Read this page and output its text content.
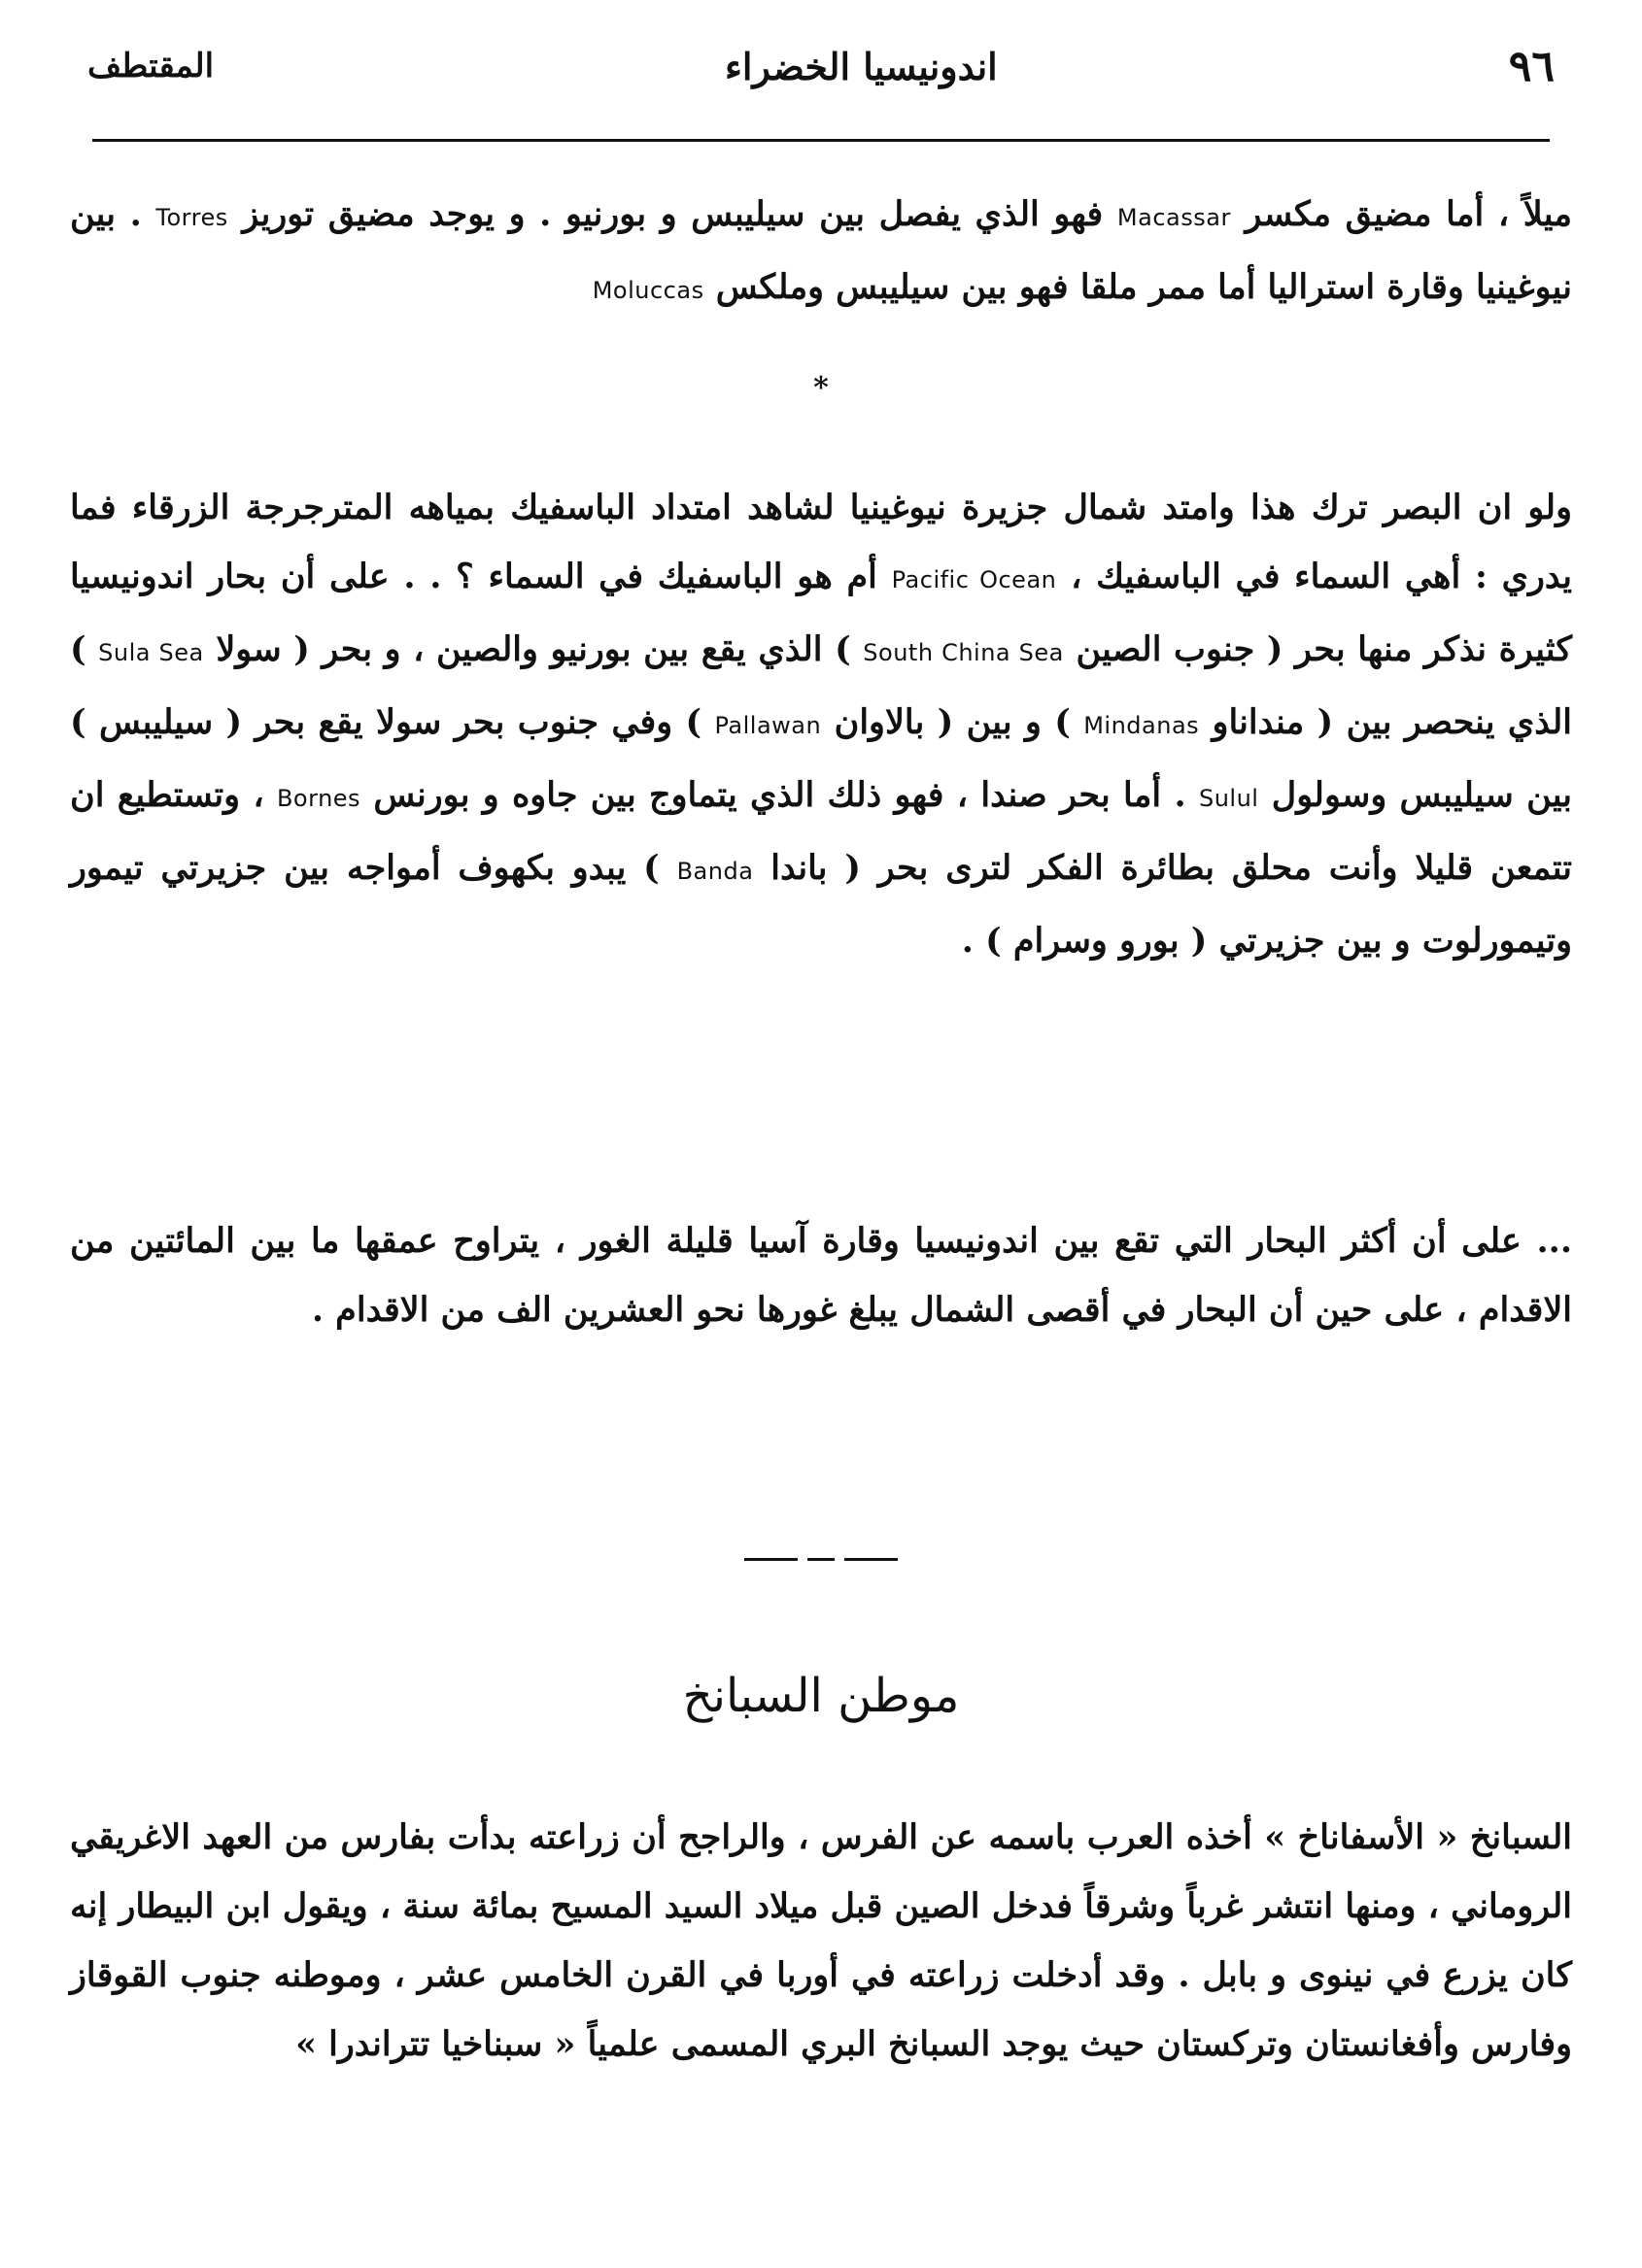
٩٦
اندونيسيا الخضراء
المقتطف

ميلاً ، أما مضيق مكسر Macassar فهو الذي يفصل بين سيليبس و بورنيو . و يوجد مضيق توريز Torres . بين نيوغينيا وقارة استراليا أما ممر ملقا فهو بين سيليبس وملكس Moluccas

*

ولو ان البصر ترك هذا وامتد شمال جزيرة نيوغينيا لشاهد امتداد الباسفيك بمياهه المترجرجة الزرقاء فما يدري : أهي السماء في الباسفيك ، Pacific Ocean أم هو الباسفيك في السماء ؟ . . على أن بحار اندونيسيا كثيرة نذكر منها بحر ( جنوب الصين South China Sea ) الذي يقع بين بورنيو والصين ، و بحر ( سولا Sula Sea ) الذي ينحصر بين ( منداناو Mindanas ) و بين ( بالاوان Pallawan ) وفي جنوب بحر سولا يقع بحر ( سيليبس ) بين سيليبس وسولول Sulul . أما بحر صندا ، فهو ذلك الذي يتماوج بين جاوه و بورنس Bornes ، وتستطيع ان تتمعن قليلا وأنت محلق بطائرة الفكر لترى بحر ( باندا Banda ) يبدو بكهوف أمواجه بين جزيرتي تيمور وتيمورلوت و بين جزيرتي ( بورو وسرام ) .

... على أن أكثر البحار التي تقع بين اندونيسيا وقارة آسيا قليلة الغور ، يتراوح عمقها ما بين المائتين من الاقدام ، على حين أن البحار في أقصى الشمال يبلغ غورها نحو العشرين الف من الاقدام .

موطن السبانخ

السبانخ « الأسفاناخ » أخذه العرب باسمه عن الفرس ، والراجح أن زراعته بدأت بفارس من العهد الاغريقي الروماني ، ومنها انتشر غرباً وشرقاً فدخل الصين قبل ميلاد السيد المسيح بمائة سنة ، ويقول ابن البيطار إنه كان يزرع في نينوى و بابل . وقد أدخلت زراعته في أوربا في القرن الخامس عشر ، وموطنه جنوب القوقاز وفارس وأفغانستان وتركستان حيث يوجد السبانخ البري المسمى علمياً « سبناخيا تتراندرا »
